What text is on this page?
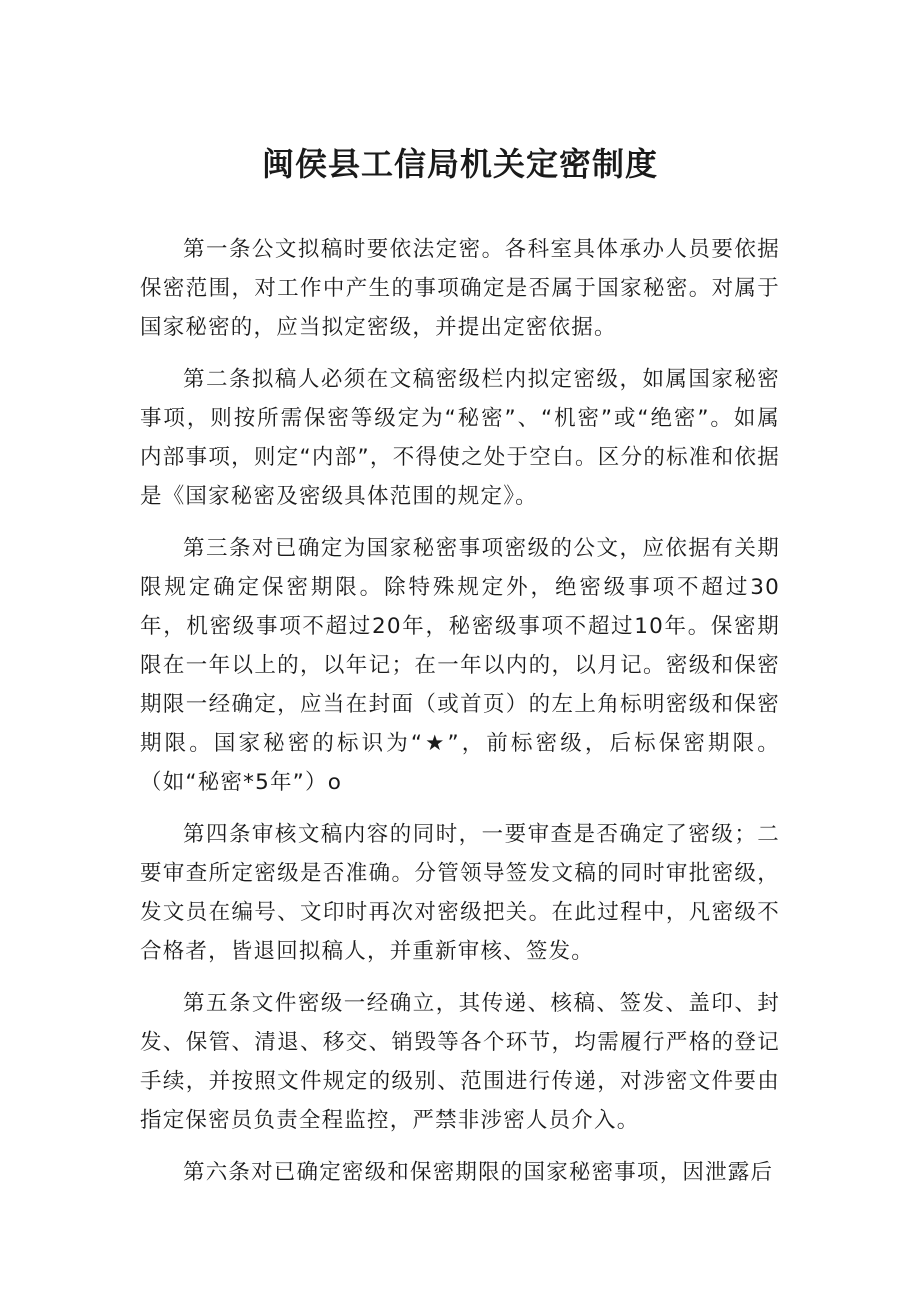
闽侯县工信局机关定密制度

第一条公文拟稿时要依法定密。各科室具体承办人员要依据保密范围，对工作中产生的事项确定是否属于国家秘密。对属于国家秘密的，应当拟定密级，并提出定密依据。

第二条拟稿人必须在文稿密级栏内拟定密级，如属国家秘密事项，则按所需保密等级定为“秘密”、“机密”或“绝密”。如属内部事项，则定“内部”，不得使之处于空白。区分的标准和依据是《国家秘密及密级具体范围的规定》。

第三条对已确定为国家秘密事项密级的公文，应依据有关期限规定确定保密期限。除特殊规定外，绝密级事项不超过30年，机密级事项不超过20年，秘密级事项不超过10年。保密期限在一年以上的，以年记；在一年以内的，以月记。密级和保密期限一经确定，应当在封面（或首页）的左上角标明密级和保密期限。国家秘密的标识为“★”，前标密级，后标保密期限。（如“秘密*5年”）o

第四条审核文稿内容的同时，一要审查是否确定了密级；二要审查所定密级是否准确。分管领导签发文稿的同时审批密级，发文员在编号、文印时再次对密级把关。在此过程中，凡密级不合格者，皆退回拟稿人，并重新审核、签发。

第五条文件密级一经确立，其传递、核稿、签发、盖印、封发、保管、清退、移交、销毁等各个环节，均需履行严格的登记手续，并按照文件规定的级别、范围进行传递，对涉密文件要由指定保密员负责全程监控，严禁非涉密人员介入。

第六条对已确定密级和保密期限的国家秘密事项，因泄露后
